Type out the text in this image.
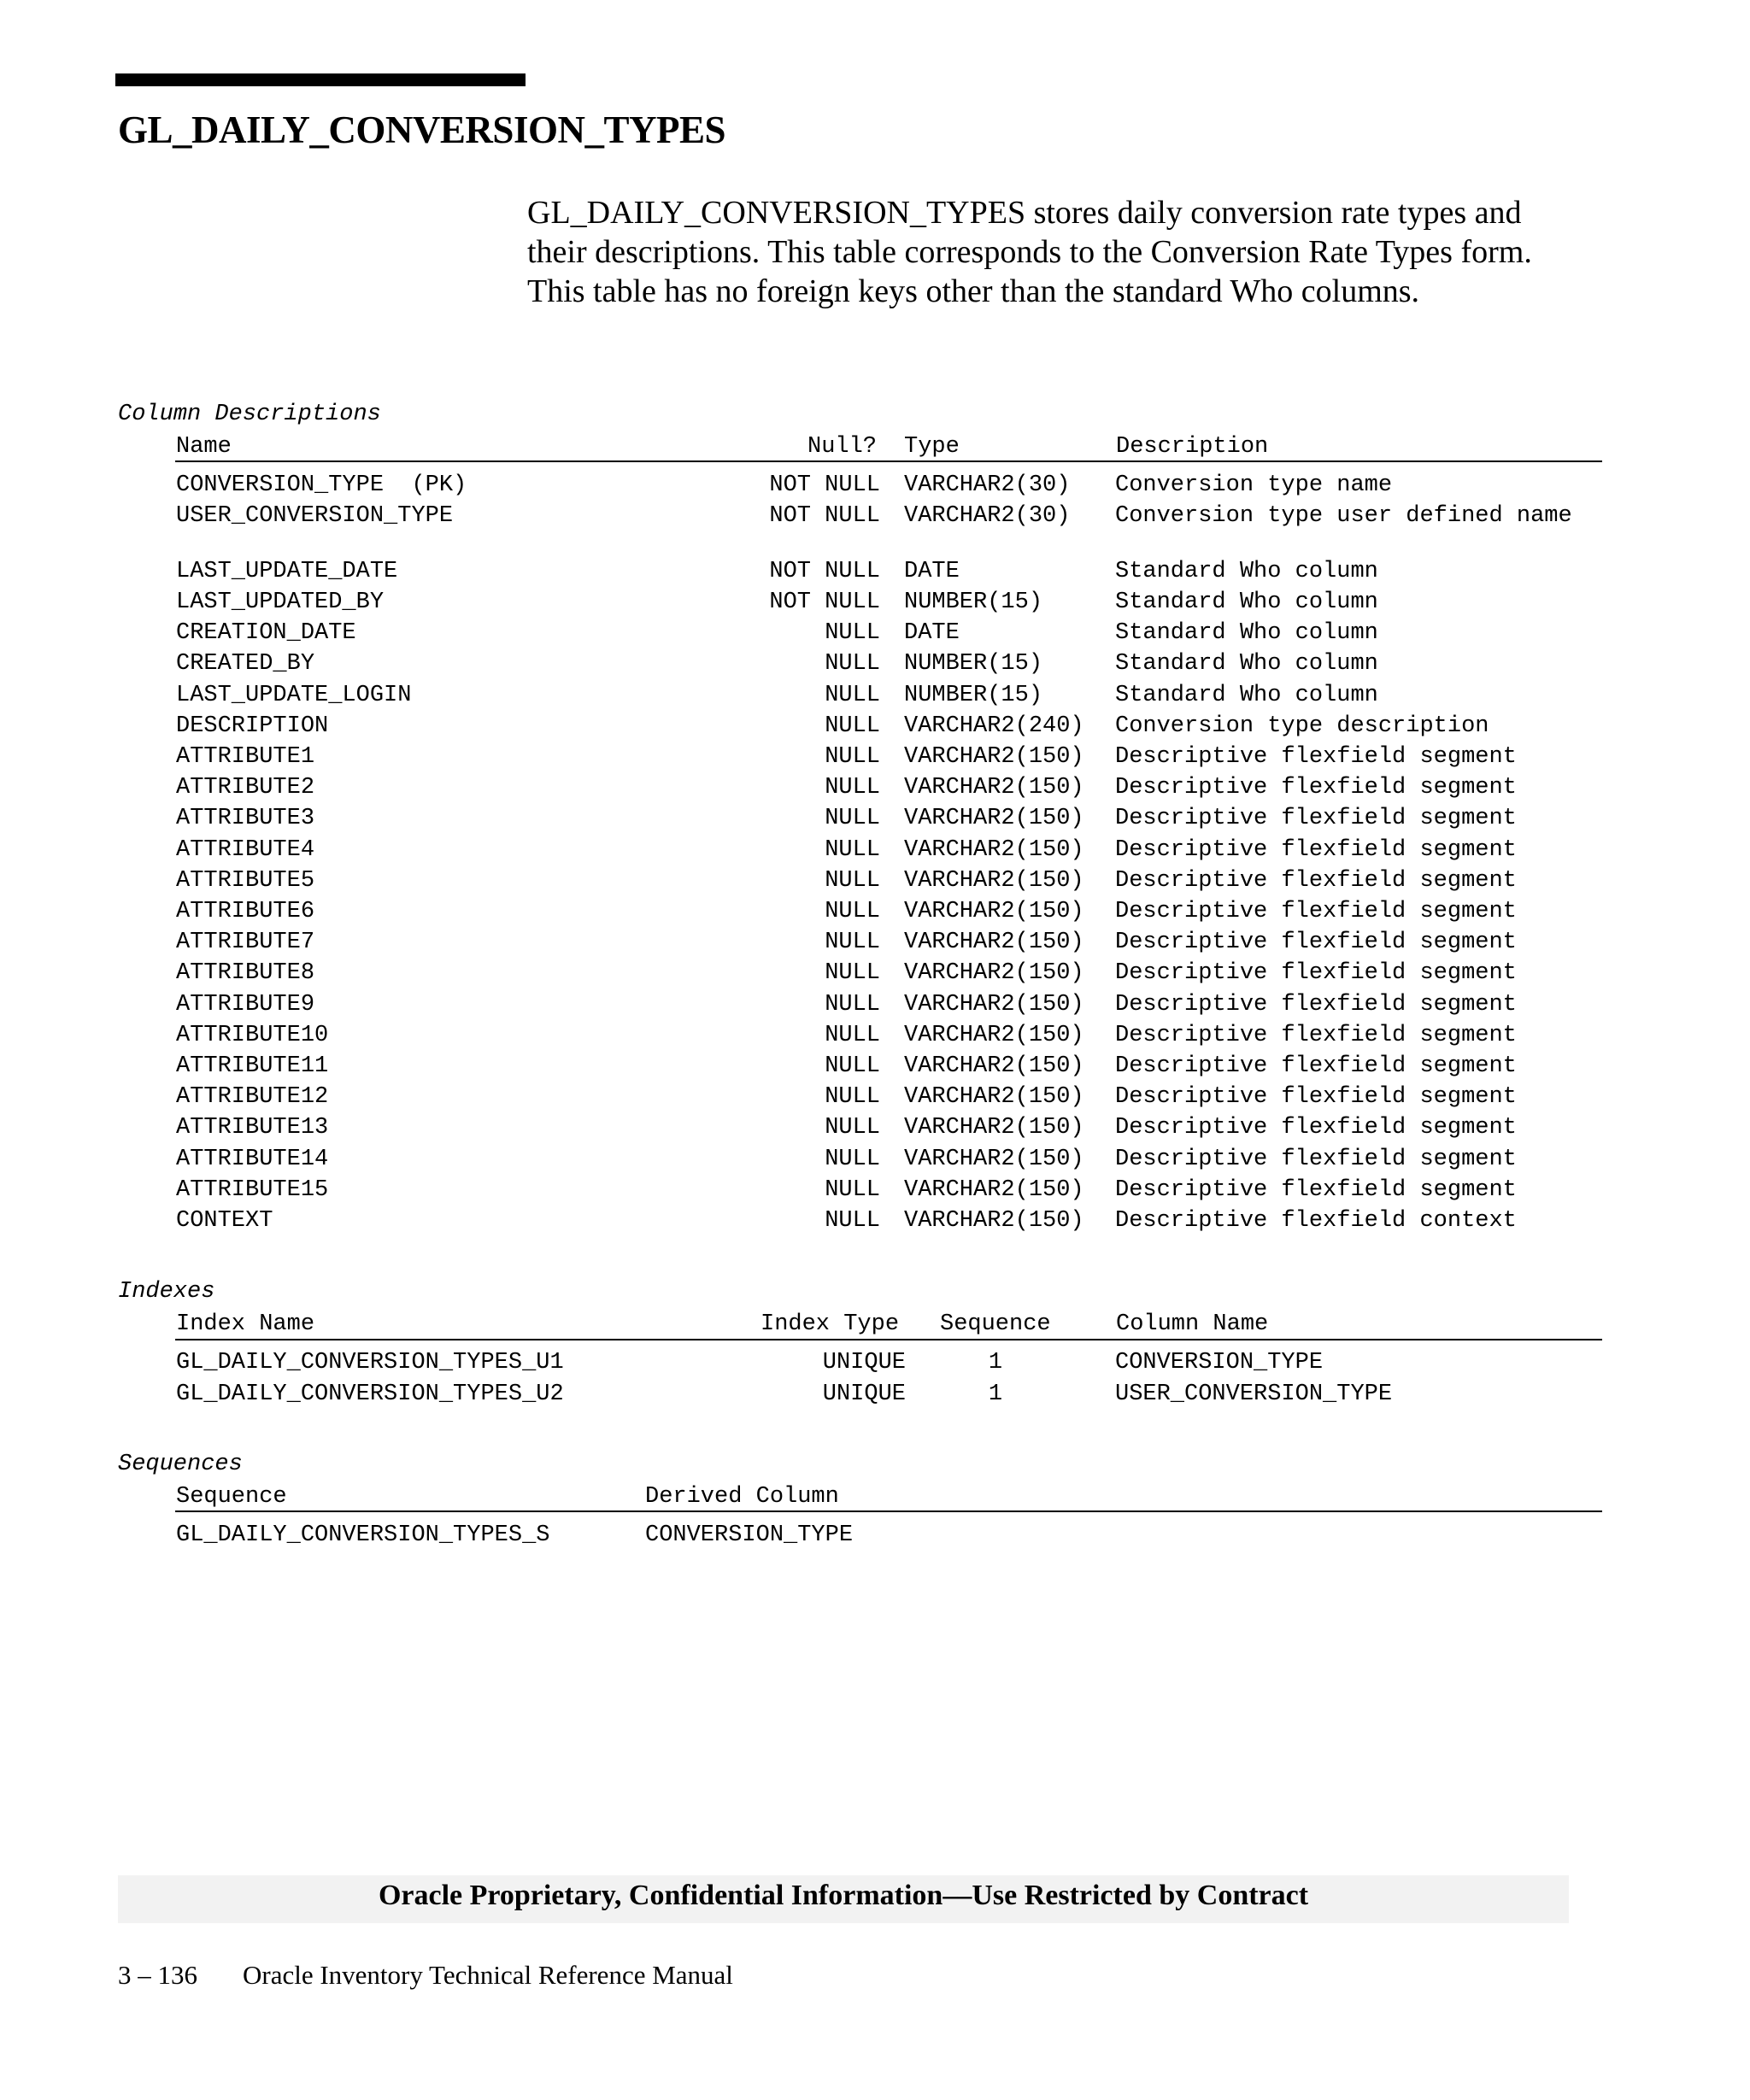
GL_DAILY_CONVERSION_TYPES

GL_DAILY_CONVERSION_TYPES stores daily conversion rate types and their descriptions. This table corresponds to the Conversion Rate Types form. This table has no foreign keys other than the standard Who columns.

Column Descriptions
Name	Null? Type	Description
CONVERSION_TYPE  (PK)	NOT NULL VARCHAR2(30) Conversion type name
USER_CONVERSION_TYPE	NOT NULL VARCHAR2(30) Conversion type user defined name
LAST_UPDATE_DATE	NOT NULL DATE	Standard Who column
LAST_UPDATED_BY	NOT NULL NUMBER(15)	Standard Who column
CREATION_DATE	NULL DATE	Standard Who column
CREATED_BY	NULL NUMBER(15)	Standard Who column
LAST_UPDATE_LOGIN	NULL NUMBER(15)	Standard Who column
DESCRIPTION	NULL VARCHAR2(240) Conversion type description
ATTRIBUTE1	NULL VARCHAR2(150) Descriptive flexfield segment
ATTRIBUTE2	NULL VARCHAR2(150) Descriptive flexfield segment
ATTRIBUTE3	NULL VARCHAR2(150) Descriptive flexfield segment
ATTRIBUTE4	NULL VARCHAR2(150) Descriptive flexfield segment
ATTRIBUTE5	NULL VARCHAR2(150) Descriptive flexfield segment
ATTRIBUTE6	NULL VARCHAR2(150) Descriptive flexfield segment
ATTRIBUTE7	NULL VARCHAR2(150) Descriptive flexfield segment
ATTRIBUTE8	NULL VARCHAR2(150) Descriptive flexfield segment
ATTRIBUTE9	NULL VARCHAR2(150) Descriptive flexfield segment
ATTRIBUTE10	NULL VARCHAR2(150) Descriptive flexfield segment
ATTRIBUTE11	NULL VARCHAR2(150) Descriptive flexfield segment
ATTRIBUTE12	NULL VARCHAR2(150) Descriptive flexfield segment
ATTRIBUTE13	NULL VARCHAR2(150) Descriptive flexfield segment
ATTRIBUTE14	NULL VARCHAR2(150) Descriptive flexfield segment
ATTRIBUTE15	NULL VARCHAR2(150) Descriptive flexfield segment
CONTEXT	NULL VARCHAR2(150) Descriptive flexfield context
Indexes
Index Name	Index Type Sequence	Column Name
GL_DAILY_CONVERSION_TYPES_U1	UNIQUE	1	CONVERSION_TYPE
GL_DAILY_CONVERSION_TYPES_U2	UNIQUE	1	USER_CONVERSION_TYPE
Sequences
Sequence	Derived Column
GL_DAILY_CONVERSION_TYPES_S	CONVERSION_TYPE
Oracle Proprietary, Confidential Information––Use Restricted by Contract
3 – 136 Oracle Inventory Technical Reference Manual
